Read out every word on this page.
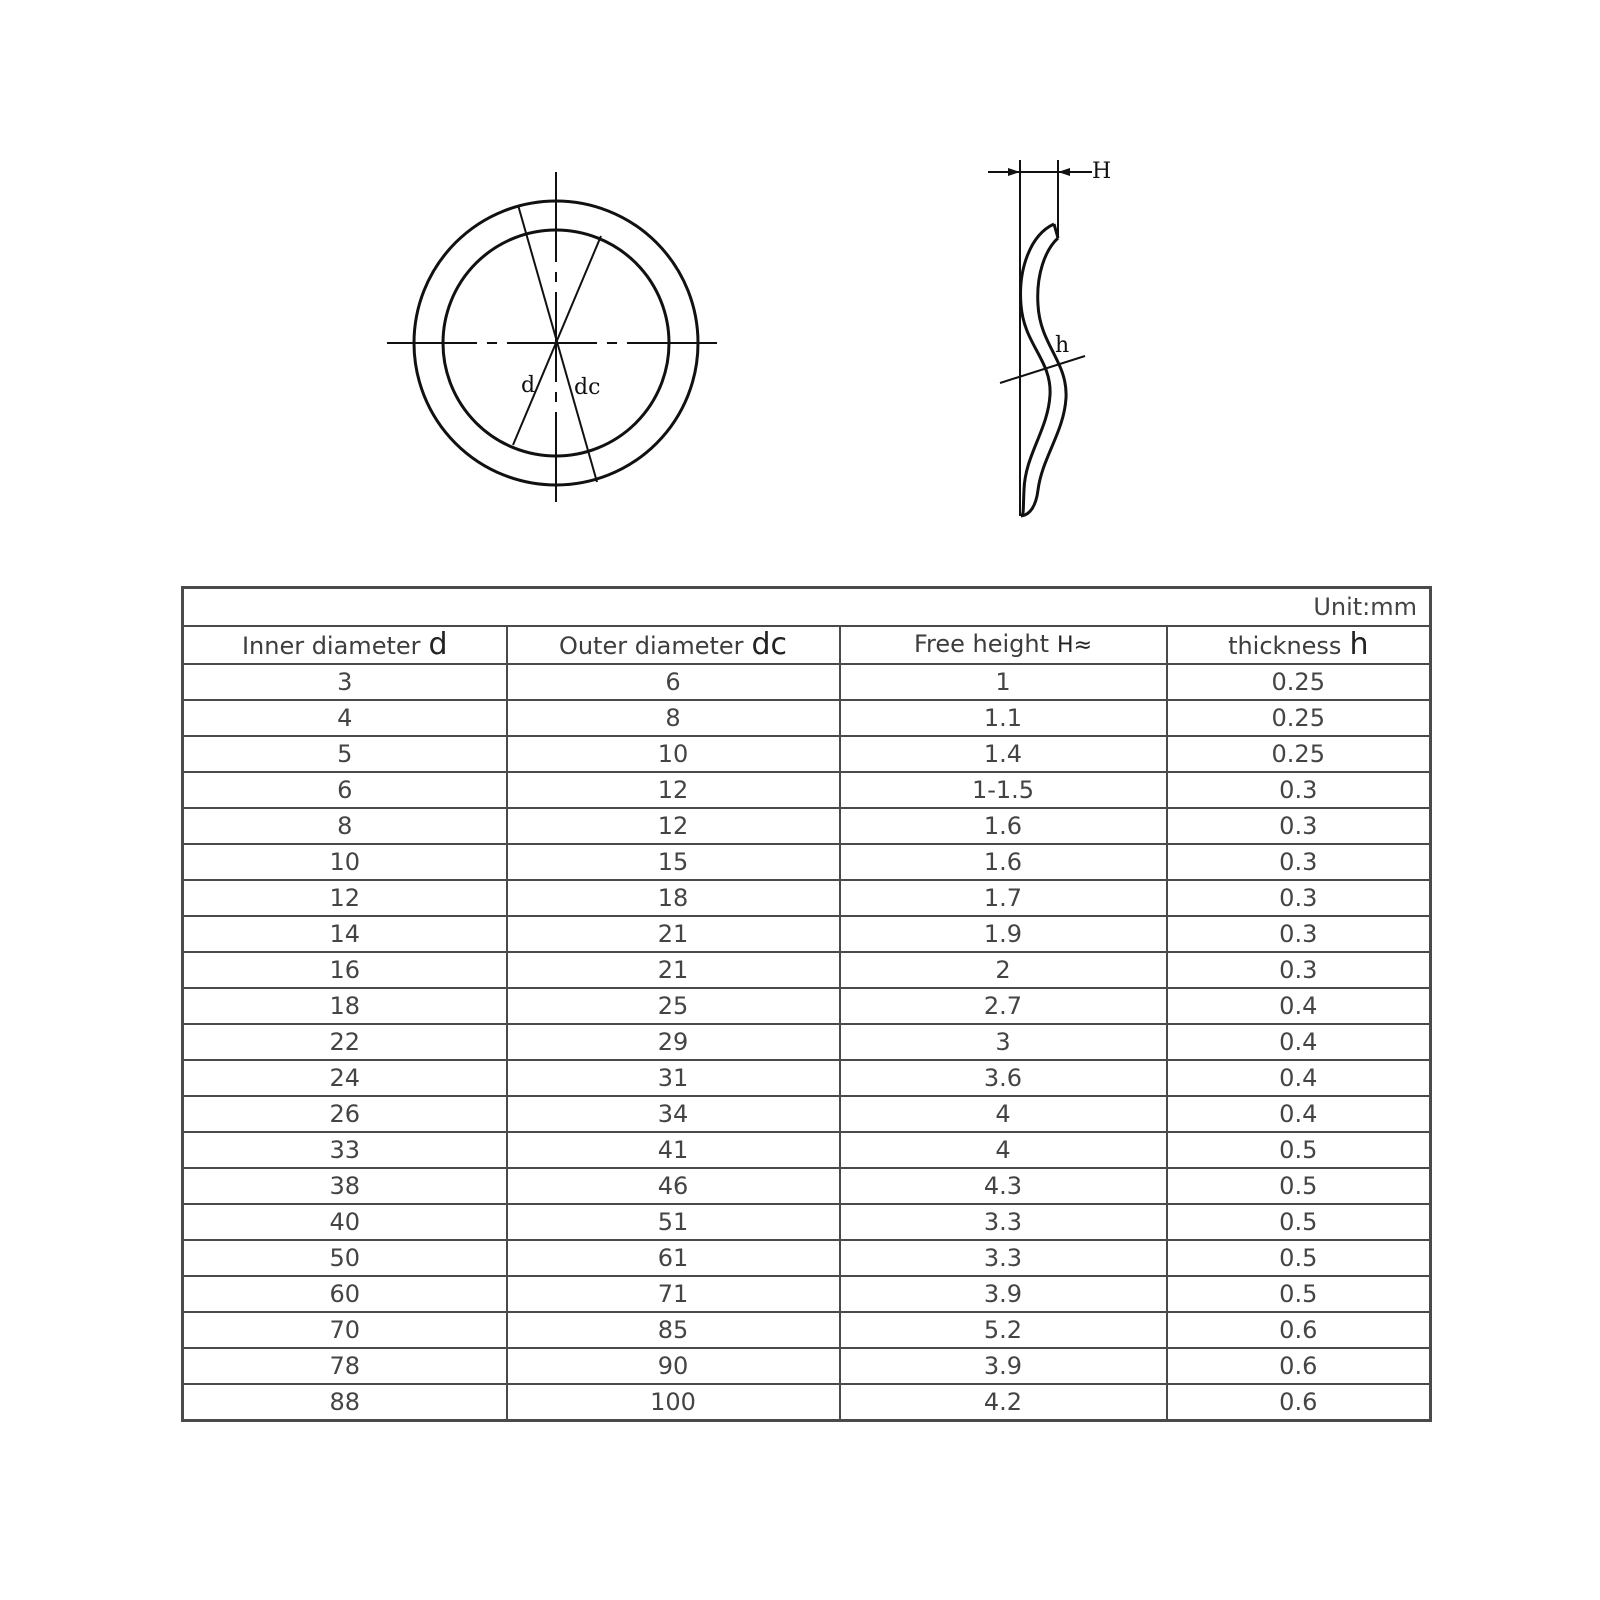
d dc
H
h
Unit:mm			
Inner diameter d	Outer diameter dc	Free height H≈	thickness h
3	6	1	0.25
4	8	1.1	0.25
5	10	1.4	0.25
6	12	1-1.5	0.3
8	12	1.6	0.3
10	15	1.6	0.3
12	18	1.7	0.3
14	21	1.9	0.3
16	21	2	0.3
18	25	2.7	0.4
22	29	3	0.4
24	31	3.6	0.4
26	34	4	0.4
33	41	4	0.5
38	46	4.3	0.5
40	51	3.3	0.5
50	61	3.3	0.5
60	71	3.9	0.5
70	85	5.2	0.6
78	90	3.9	0.6
88	100	4.2	0.6
